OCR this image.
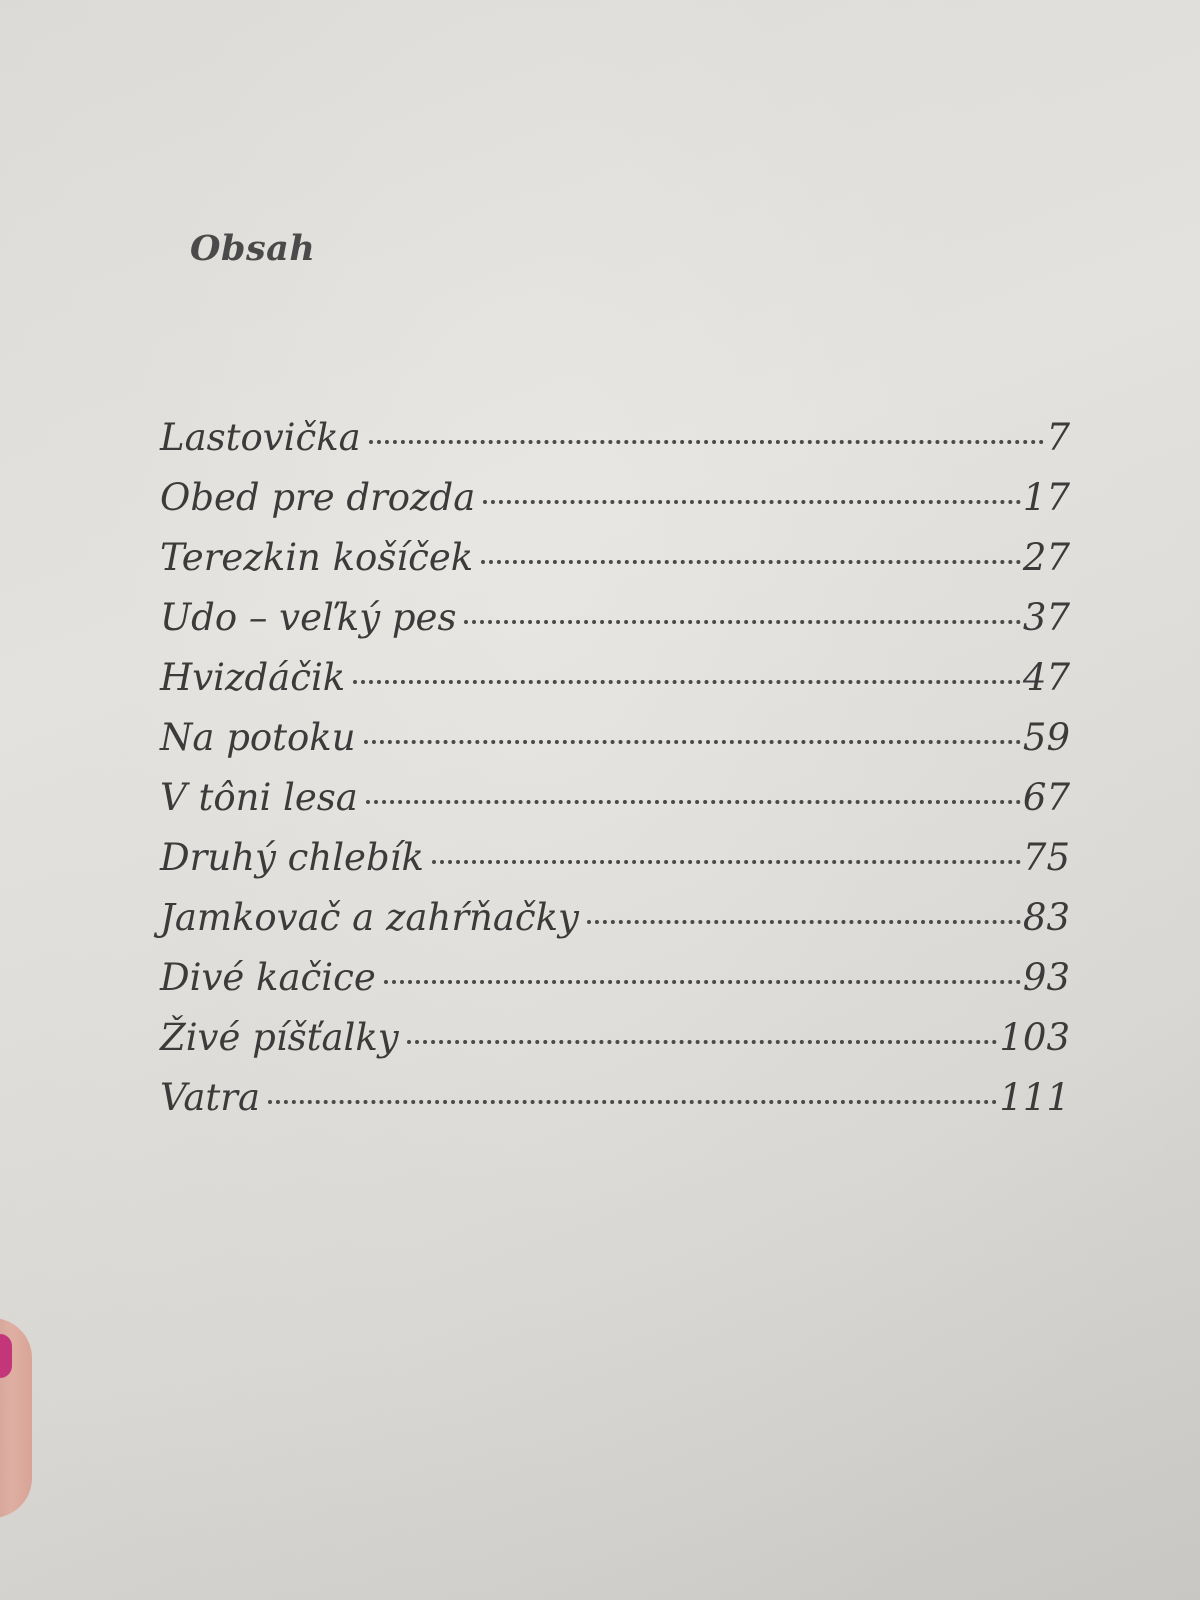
Obsah
Lastovička	7
Obed pre drozda	17
Terezkin košíček	27
Udo – veľký pes	37
Hvizdáčik	47
Na potoku	59
V tôni lesa	67
Druhý chlebík	75
Jamkovač a zahŕňačky	83
Divé kačice	93
Živé píšťalky	103
Vatra	111
